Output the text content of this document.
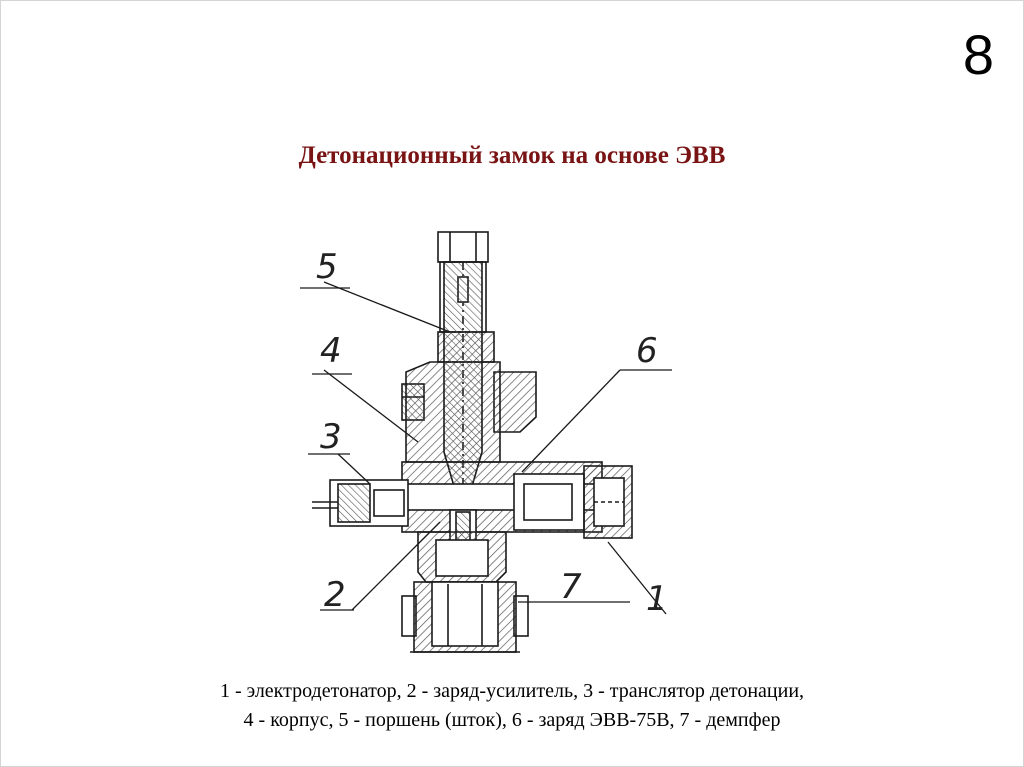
8
Детонационный замок на основе ЭВВ
5
4
3
2
6
7 1
1 - электродетонатор, 2 - заряд-усилитель, 3 - транслятор детонации,
4 - корпус, 5 - поршень (шток), 6 - заряд ЭВВ-75В, 7 - демпфер
